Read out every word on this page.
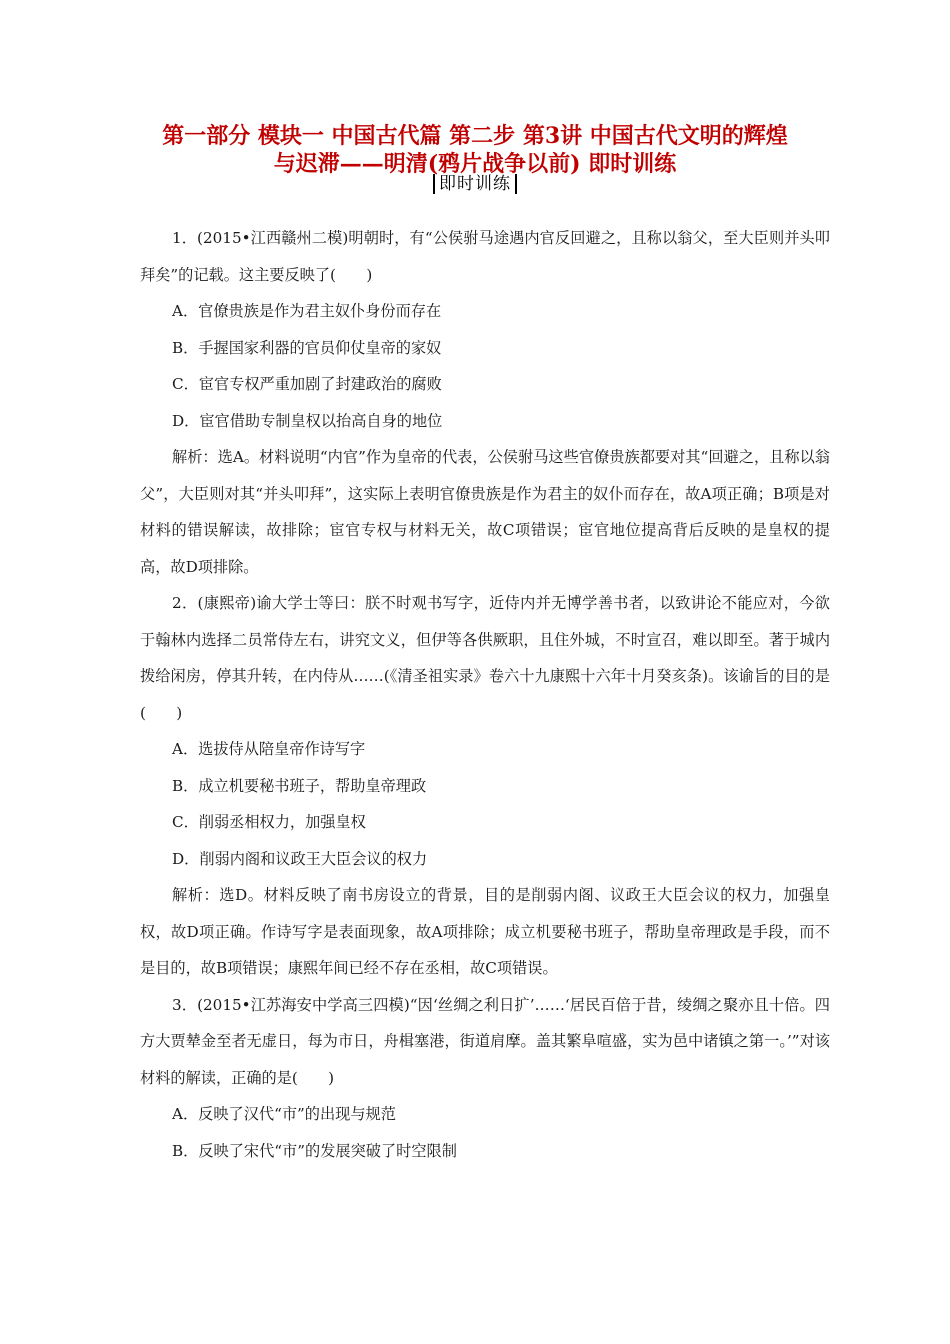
第一部分 模块一 中国古代篇 第二步 第3讲 中国古代文明的辉煌
与迟滞——明清(鸦片战争以前) 即时训练
即时训练

1．(2015•江西赣州二模)明朝时，有“公侯驸马途遇内官反回避之，且称以翁父，至大臣则并头叩拜矣”的记载。这主要反映了(　　)

A．官僚贵族是作为君主奴仆身份而存在

B．手握国家利器的官员仰仗皇帝的家奴

C．宦官专权严重加剧了封建政治的腐败

D．宦官借助专制皇权以抬高自身的地位

解析：选A。材料说明“内官”作为皇帝的代表，公侯驸马这些官僚贵族都要对其“回避之，且称以翁父”，大臣则对其“并头叩拜”，这实际上表明官僚贵族是作为君主的奴仆而存在，故A项正确；B项是对材料的错误解读，故排除；宦官专权与材料无关，故C项错误；宦官地位提高背后反映的是皇权的提高，故D项排除。

2．(康熙帝)谕大学士等曰：朕不时观书写字，近侍内并无博学善书者，以致讲论不能应对，今欲于翰林内选择二员常侍左右，讲究文义，但伊等各供厥职，且住外城，不时宣召，难以即至。著于城内拨给闲房，停其升转，在内侍从……(《清圣祖实录》卷六十九康熙十六年十月癸亥条)。该谕旨的目的是(　　)

A．选拔侍从陪皇帝作诗写字

B．成立机要秘书班子，帮助皇帝理政

C．削弱丞相权力，加强皇权

D．削弱内阁和议政王大臣会议的权力

解析：选D。材料反映了南书房设立的背景，目的是削弱内阁、议政王大臣会议的权力，加强皇权，故D项正确。作诗写字是表面现象，故A项排除；成立机要秘书班子，帮助皇帝理政是手段，而不是目的，故B项错误；康熙年间已经不存在丞相，故C项错误。

3．(2015•江苏海安中学高三四模)“因‘丝绸之利日扩’……‘居民百倍于昔，绫绸之聚亦且十倍。四方大贾辇金至者无虚日，每为市日，舟楫塞港，街道肩摩。盖其繁阜喧盛，实为邑中诸镇之第一。’”对该材料的解读，正确的是(　　)

A．反映了汉代“市”的出现与规范

B．反映了宋代“市”的发展突破了时空限制
